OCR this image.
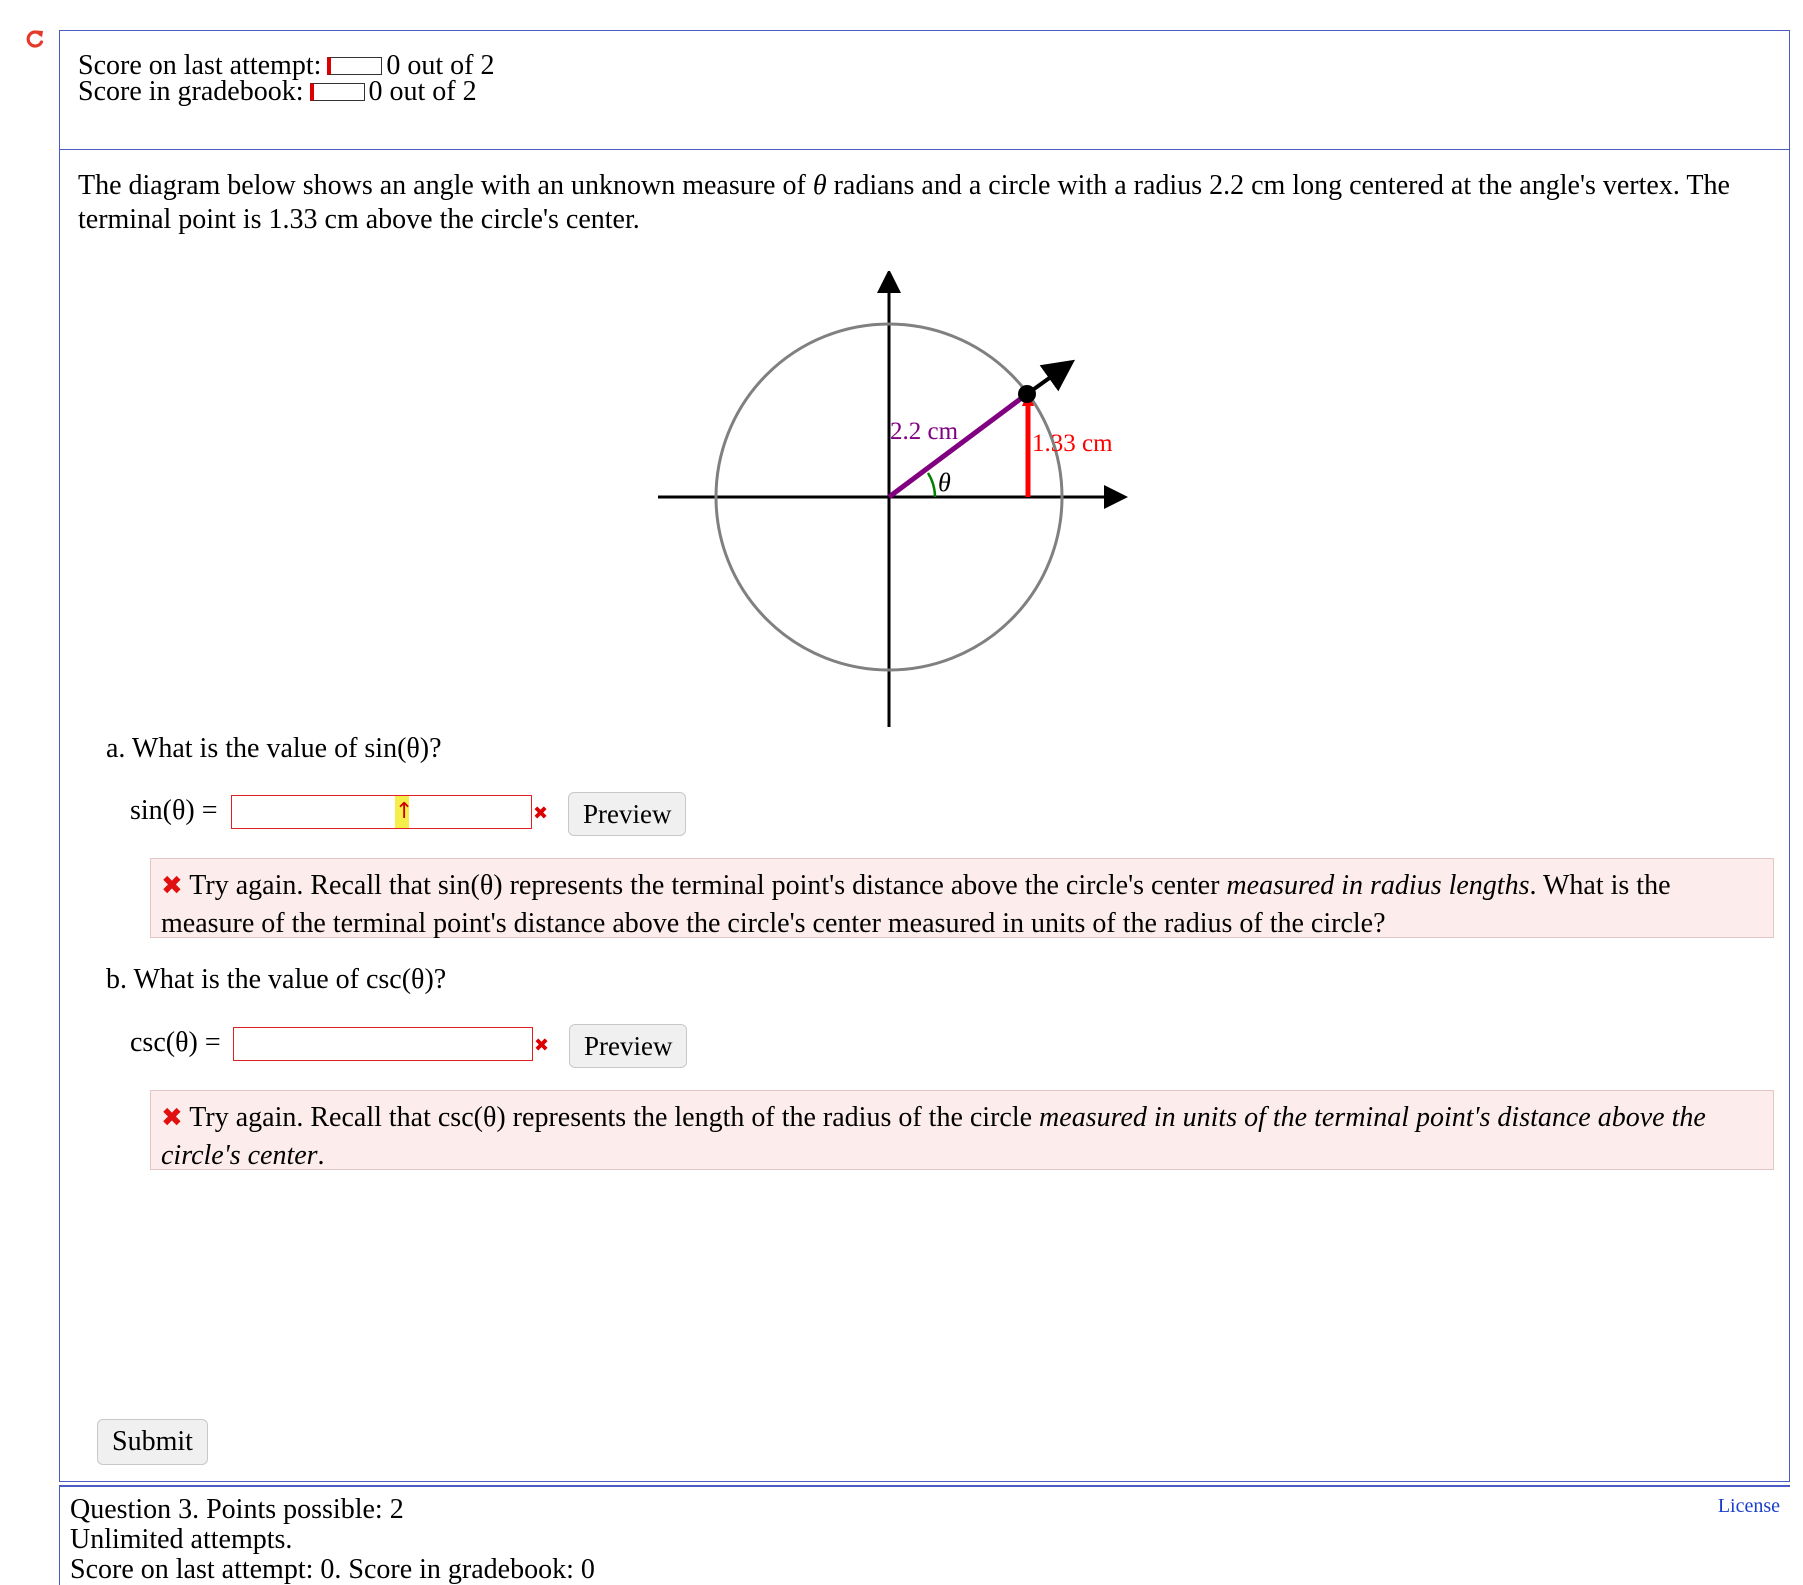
Score on last attempt: 0 out of 2
Score in gradebook: 0 out of 2
The diagram below shows an angle with an unknown measure of θ radians and a circle with a radius 2.2 cm long centered at the angle's vertex. The terminal point is 1.33 cm above the circle's center.
2.2 cm	1.33 cm
θ
a. What is the value of sin(θ)?
sin(θ) =	↑	✖	Preview
✖ Try again. Recall that sin(θ) represents the terminal point's distance above the circle's center measured in radius lengths. What is the measure of the terminal point's distance above the circle's center measured in units of the radius of the circle?
b. What is the value of csc(θ)?
csc(θ) =	✖	Preview
✖ Try again. Recall that csc(θ) represents the length of the radius of the circle measured in units of the terminal point's distance above the circle's center.
Submit
Question 3. Points possible: 2
Unlimited attempts.
Score on last attempt: 0. Score in gradebook: 0
License
